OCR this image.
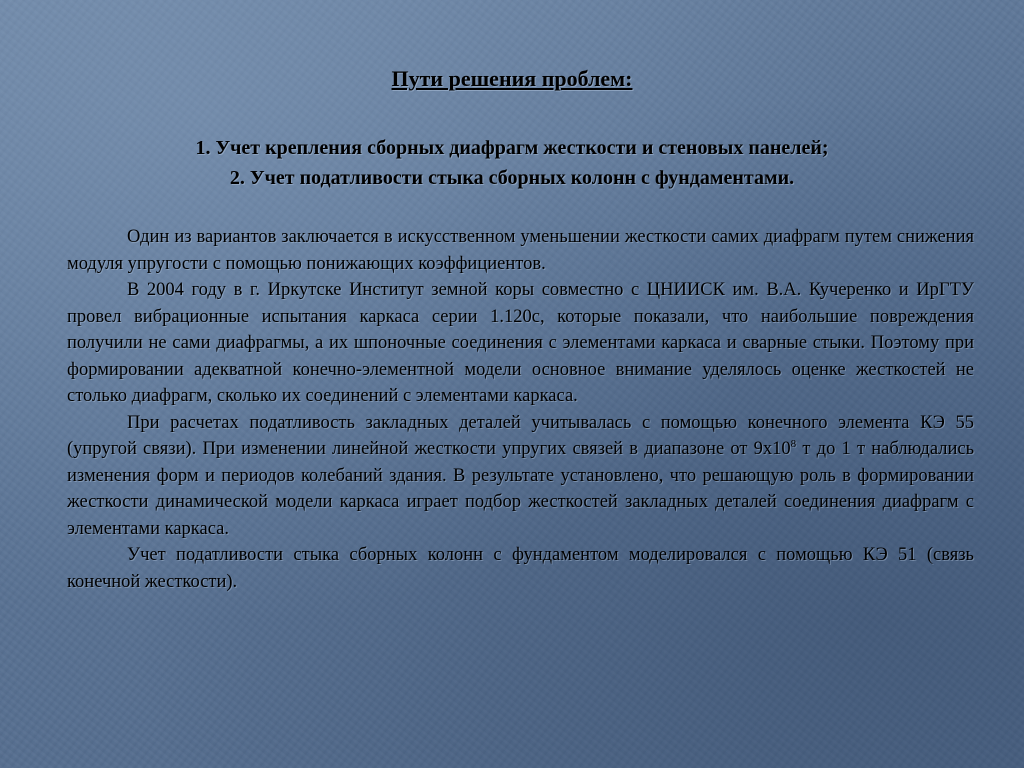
Пути решения проблем:
1. Учет крепления сборных диафрагм жесткости и стеновых панелей;
2. Учет податливости стыка сборных колонн с фундаментами.

Один из вариантов заключается в искусственном уменьшении жесткости самих диафрагм путем снижения модуля упругости с помощью понижающих коэффициентов.

В 2004 году в г. Иркутске Институт земной коры совместно с ЦНИИСК им. В.А. Кучеренко и ИрГТУ провел вибрационные испытания каркаса серии 1.120с, которые показали, что наибольшие повреждения получили не сами диафрагмы, а их шпоночные соединения с элементами каркаса и сварные стыки. Поэтому при формировании адекватной конечно-элементной модели основное внимание уделялось оценке жесткостей не столько диафрагм, сколько их соединений с элементами каркаса.

При расчетах податливость закладных деталей учитывалась с помощью конечного элемента КЭ 55 (упругой связи). При изменении линейной жесткости упругих связей в диапазоне от $9х10^8$ т до 1 т наблюдались изменения форм и периодов колебаний здания. В результате установлено, что решающую роль в формировании жесткости динамической модели каркаса играет подбор жесткостей закладных деталей соединения диафрагм с элементами каркаса.

Учет податливости стыка сборных колонн с фундаментом моделировался с помощью КЭ 51 (связь конечной жесткости).
